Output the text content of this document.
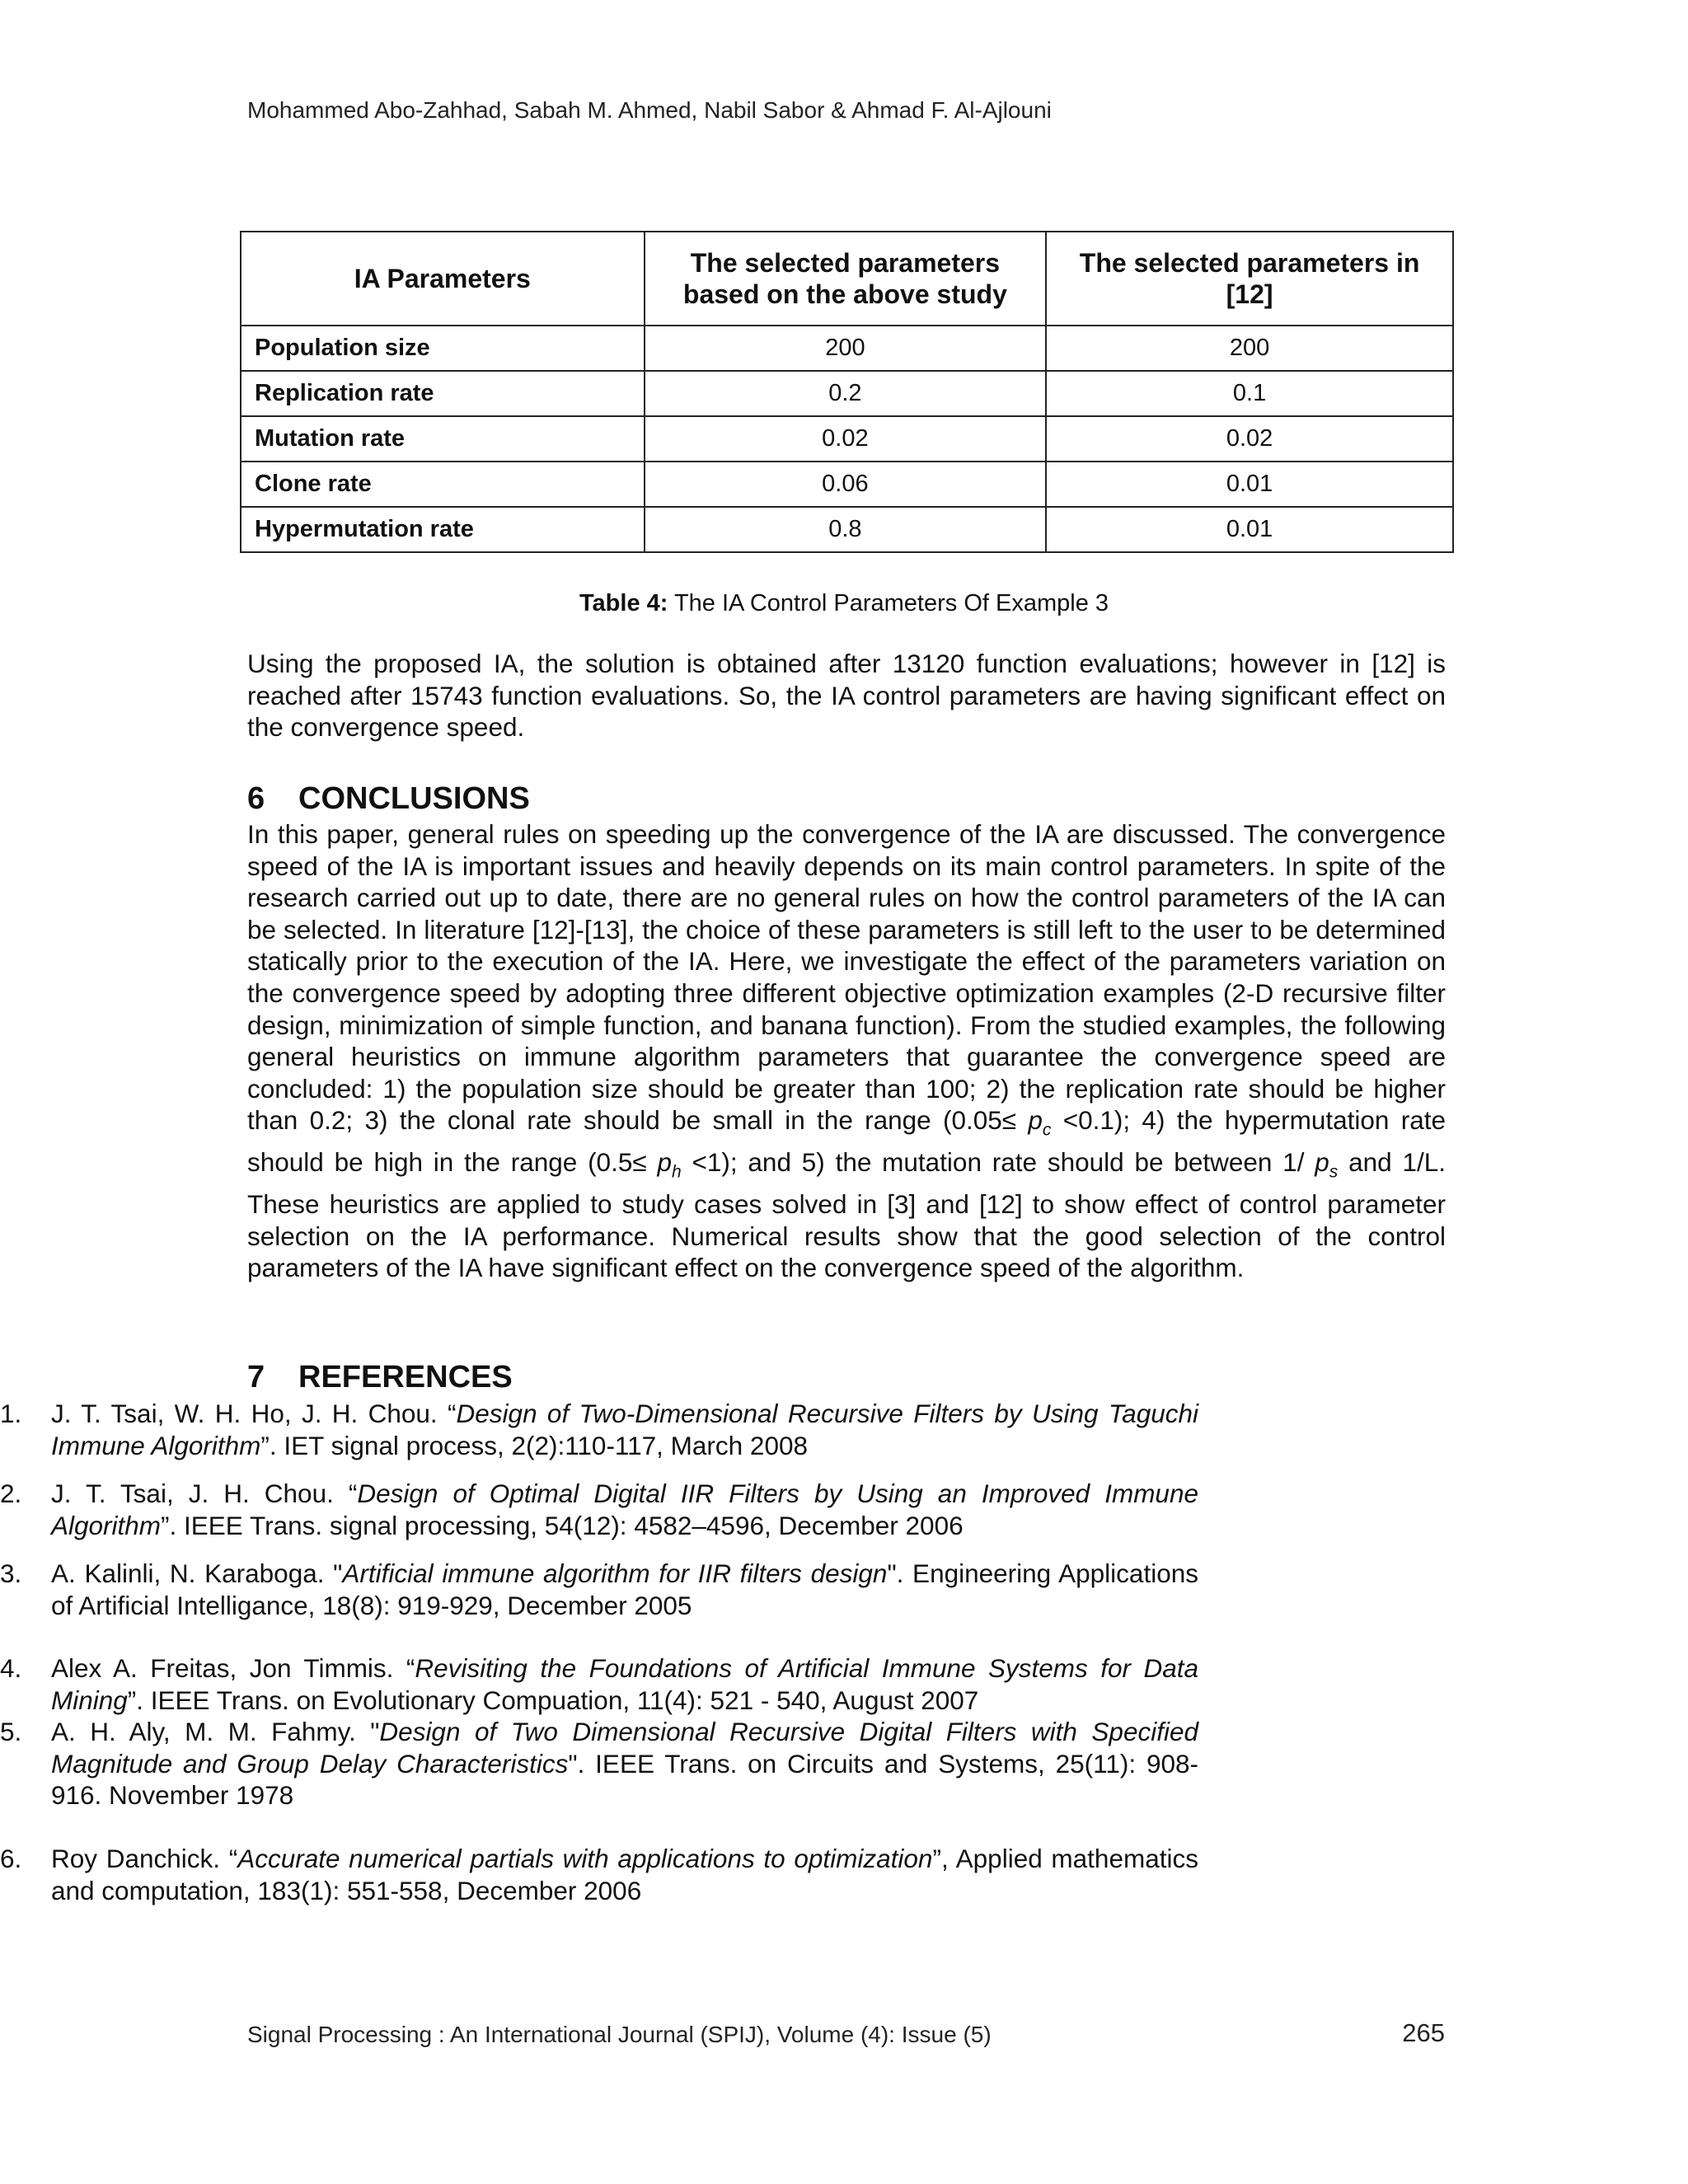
Mohammed Abo-Zahhad, Sabah M. Ahmed, Nabil Sabor & Ahmad F. Al-Ajlouni
IA Parameters	The selected parameters based on the above study	The selected parameters in [12]
Population size	200	200
Replication rate	0.2	0.1
Mutation rate	0.02	0.02
Clone rate	0.06	0.01
Hypermutation rate	0.8	0.01
Table 4: The IA Control Parameters Of Example 3

Using the proposed IA, the solution is obtained after 13120 function evaluations; however in [12] is reached after 15743 function evaluations. So, the IA control parameters are having significant effect on the convergence speed.

6 CONCLUSIONS

In this paper, general rules on speeding up the convergence of the IA are discussed. The convergence speed of the IA is important issues and heavily depends on its main control parameters. In spite of the research carried out up to date, there are no general rules on how the control parameters of the IA can be selected. In literature [12]-[13], the choice of these parameters is still left to the user to be determined statically prior to the execution of the IA. Here, we investigate the effect of the parameters variation on the convergence speed by adopting three different objective optimization examples (2-D recursive filter design, minimization of simple function, and banana function). From the studied examples, the following general heuristics on immune algorithm parameters that guarantee the convergence speed are concluded: 1) the population size should be greater than 100; 2) the replication rate should be higher than 0.2; 3) the clonal rate should be small in the range $(0.05\le p_c <0.1)$; 4) the hypermutation rate should be high in the range $(0.5\le p_h <1)$; and 5) the mutation rate should be between 1/ $p_s$ and 1/L. These heuristics are applied to study cases solved in [3] and [12] to show effect of control parameter selection on the IA performance. Numerical results show that the good selection of the control parameters of the IA have significant effect on the convergence speed of the algorithm.

7 REFERENCES
1. J. T. Tsai, W. H. Ho, J. H. Chou. “Design of Two-Dimensional Recursive Filters by Using Taguchi Immune Algorithm”. IET signal process, 2(2):110-117, March 2008
2. J. T. Tsai, J. H. Chou. “Design of Optimal Digital IIR Filters by Using an Improved Immune Algorithm”. IEEE Trans. signal processing, 54(12): 4582–4596, December 2006
3. A. Kalinli, N. Karaboga. "Artificial immune algorithm for IIR filters design". Engineering Applications of Artificial Intelligance, 18(8): 919-929, December 2005
4. Alex A. Freitas, Jon Timmis. “Revisiting the Foundations of Artificial Immune Systems for Data Mining”. IEEE Trans. on Evolutionary Compuation, 11(4): 521 - 540, August 2007
5. A. H. Aly, M. M. Fahmy. "Design of Two Dimensional Recursive Digital Filters with Specified Magnitude and Group Delay Characteristics". IEEE Trans. on Circuits and Systems, 25(11): 908-916. November 1978
6. Roy Danchick. “Accurate numerical partials with applications to optimization”, Applied mathematics and computation, 183(1): 551-558, December 2006
Signal Processing : An International Journal (SPIJ), Volume (4): Issue (5)	265
